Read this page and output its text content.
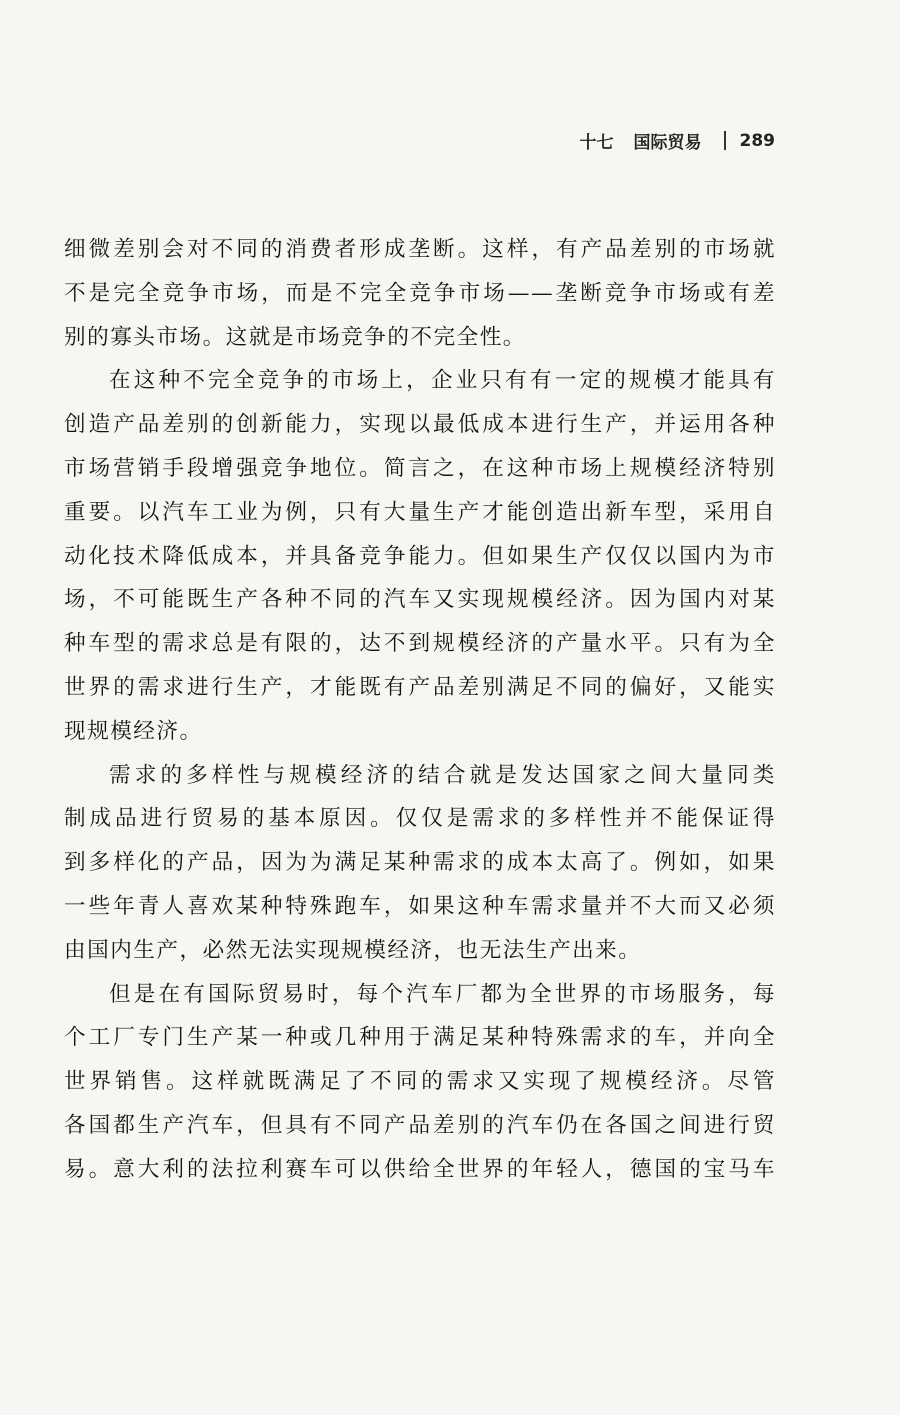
十七 国际贸易 289

细微差别会对不同的消费者形成垄断。这样，有产品差别的市场就
不是完全竞争市场，而是不完全竞争市场——垄断竞争市场或有差
别的寡头市场。这就是市场竞争的不完全性。

在这种不完全竞争的市场上，企业只有有一定的规模才能具有
创造产品差别的创新能力，实现以最低成本进行生产，并运用各种
市场营销手段增强竞争地位。简言之，在这种市场上规模经济特别
重要。以汽车工业为例，只有大量生产才能创造出新车型，采用自
动化技术降低成本，并具备竞争能力。但如果生产仅仅以国内为市
场，不可能既生产各种不同的汽车又实现规模经济。因为国内对某
种车型的需求总是有限的，达不到规模经济的产量水平。只有为全
世界的需求进行生产，才能既有产品差别满足不同的偏好，又能实
现规模经济。

需求的多样性与规模经济的结合就是发达国家之间大量同类
制成品进行贸易的基本原因。仅仅是需求的多样性并不能保证得
到多样化的产品，因为为满足某种需求的成本太高了。例如，如果
一些年青人喜欢某种特殊跑车，如果这种车需求量并不大而又必须
由国内生产，必然无法实现规模经济，也无法生产出来。

但是在有国际贸易时，每个汽车厂都为全世界的市场服务，每
个工厂专门生产某一种或几种用于满足某种特殊需求的车，并向全
世界销售。这样就既满足了不同的需求又实现了规模经济。尽管
各国都生产汽车，但具有不同产品差别的汽车仍在各国之间进行贸
易。意大利的法拉利赛车可以供给全世界的年轻人，德国的宝马车
